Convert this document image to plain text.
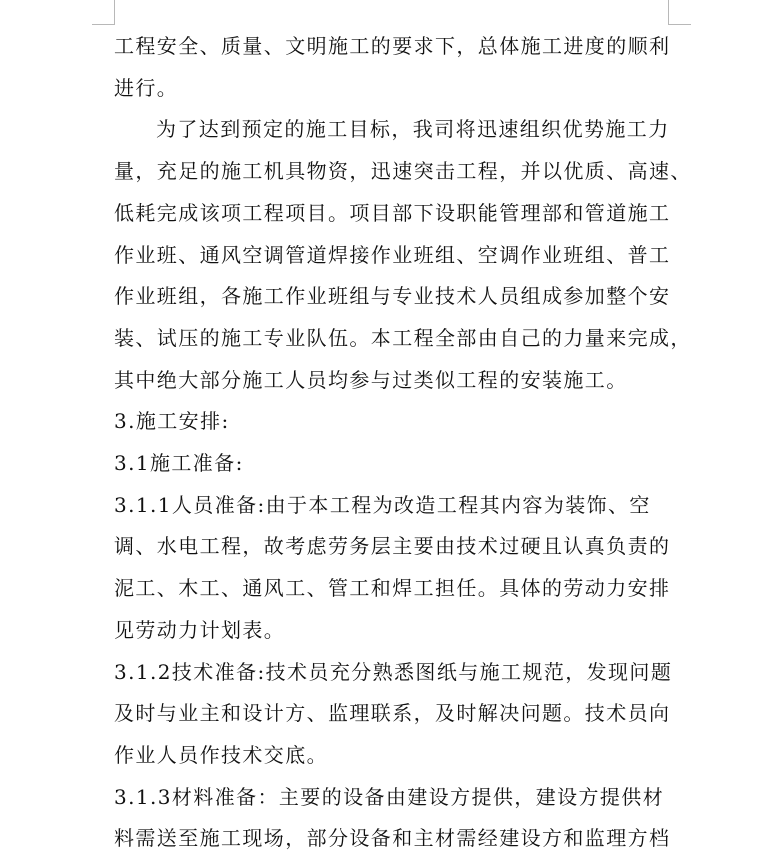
工程安全、质量、文明施工的要求下，总体施工进度的顺利

进行。

为了达到预定的施工目标，我司将迅速组织优势施工力

量，充足的施工机具物资，迅速突击工程，并以优质、高速、

低耗完成该项工程项目。项目部下设职能管理部和管道施工

作业班、通风空调管道焊接作业班组、空调作业班组、普工

作业班组，各施工作业班组与专业技术人员组成参加整个安

装、试压的施工专业队伍。本工程全部由自己的力量来完成，

其中绝大部分施工人员均参与过类似工程的安装施工。

3.施工安排:

3.1施工准备:

3.1.1人员准备:由于本工程为改造工程其内容为装饰、空

调、水电工程，故考虑劳务层主要由技术过硬且认真负责的

泥工、木工、通风工、管工和焊工担任。具体的劳动力安排

见劳动力计划表。

3.1.2技术准备:技术员充分熟悉图纸与施工规范，发现问题

及时与业主和设计方、监理联系，及时解决问题。技术员向

作业人员作技术交底。

3.1.3材料准备：主要的设备由建设方提供，建设方提供材

料需送至施工现场，部分设备和主材需经建设方和监理方档
